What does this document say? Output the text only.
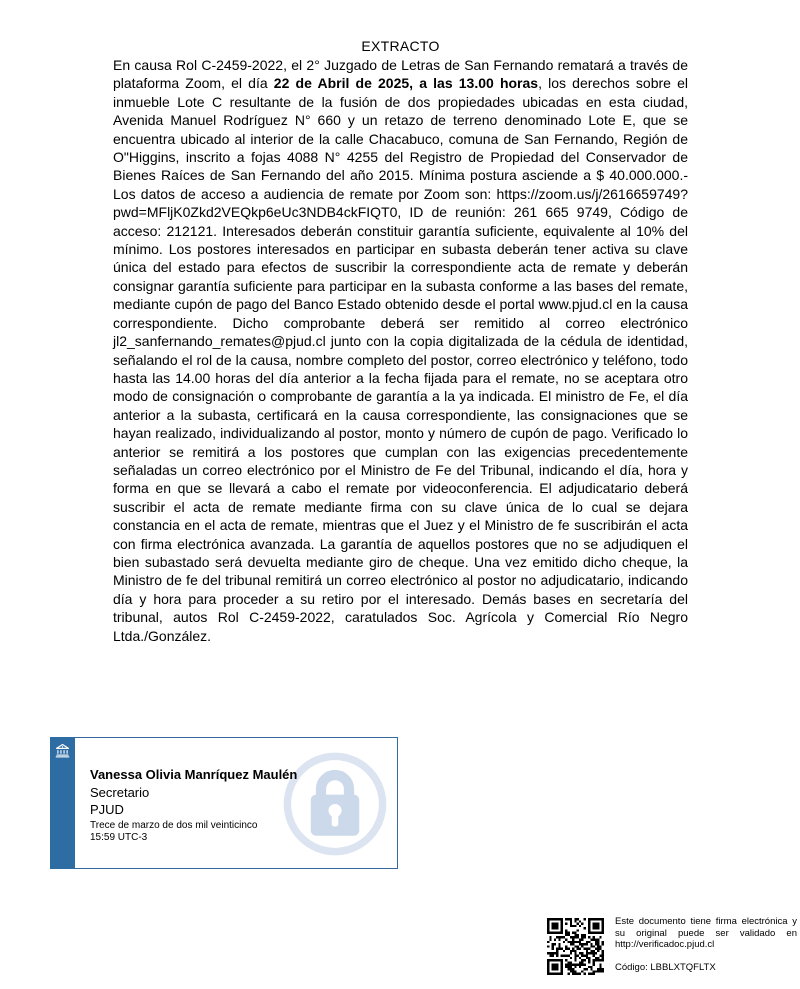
EXTRACTO

En causa Rol C-2459-2022, el 2° Juzgado de Letras de San Fernando rematará a través de plataforma Zoom, el día 22 de Abril de 2025, a las 13.00 horas, los derechos sobre el inmueble Lote C resultante de la fusión de dos propiedades ubicadas en esta ciudad, Avenida Manuel Rodríguez N° 660 y un retazo de terreno denominado Lote E, que se encuentra ubicado al interior de la calle Chacabuco, comuna de San Fernando, Región de O"Higgins, inscrito a fojas 4088 N° 4255 del Registro de Propiedad del Conservador de Bienes Raíces de San Fernando del año 2015. Mínima postura asciende a $ 40.000.000.- Los datos de acceso a audiencia de remate por Zoom son: https://zoom.us/j/2616659749?pwd=MFljK0Zkd2VEQkp6eUc3NDB4ckFIQT0, ID de reunión: 261 665 9749, Código de acceso: 212121. Interesados deberán constituir garantía suficiente, equivalente al 10% del mínimo. Los postores interesados en participar en subasta deberán tener activa su clave única del estado para efectos de suscribir la correspondiente acta de remate y deberán consignar garantía suficiente para participar en la subasta conforme a las bases del remate, mediante cupón de pago del Banco Estado obtenido desde el portal www.pjud.cl en la causa correspondiente. Dicho comprobante deberá ser remitido al correo electrónico jl2_sanfernando_remates@pjud.cl junto con la copia digitalizada de la cédula de identidad, señalando el rol de la causa, nombre completo del postor, correo electrónico y teléfono, todo hasta las 14.00 horas del día anterior a la fecha fijada para el remate, no se aceptara otro modo de consignación o comprobante de garantía a la ya indicada. El ministro de Fe, el día anterior a la subasta, certificará en la causa correspondiente, las consignaciones que se hayan realizado, individualizando al postor, monto y número de cupón de pago. Verificado lo anterior se remitirá a los postores que cumplan con las exigencias precedentemente señaladas un correo electrónico por el Ministro de Fe del Tribunal, indicando el día, hora y forma en que se llevará a cabo el remate por videoconferencia. El adjudicatario deberá suscribir el acta de remate mediante firma con su clave única de lo cual se dejara constancia en el acta de remate, mientras que el Juez y el Ministro de fe suscribirán el acta con firma electrónica avanzada. La garantía de aquellos postores que no se adjudiquen el bien subastado será devuelta mediante giro de cheque. Una vez emitido dicho cheque, la Ministro de fe del tribunal remitirá un correo electrónico al postor no adjudicatario, indicando día y hora para proceder a su retiro por el interesado. Demás bases en secretaría del tribunal, autos Rol C-2459-2022, caratulados Soc. Agrícola y Comercial Río Negro Ltda./González.

Vanessa Olivia Manríquez Maulén
Secretario
PJUD
Trece de marzo de dos mil veinticinco
15:59 UTC-3

Este documento tiene firma electrónica y su original puede ser validado en http://verificadoc.pjud.cl

Código: LBBLXTQFLTX
